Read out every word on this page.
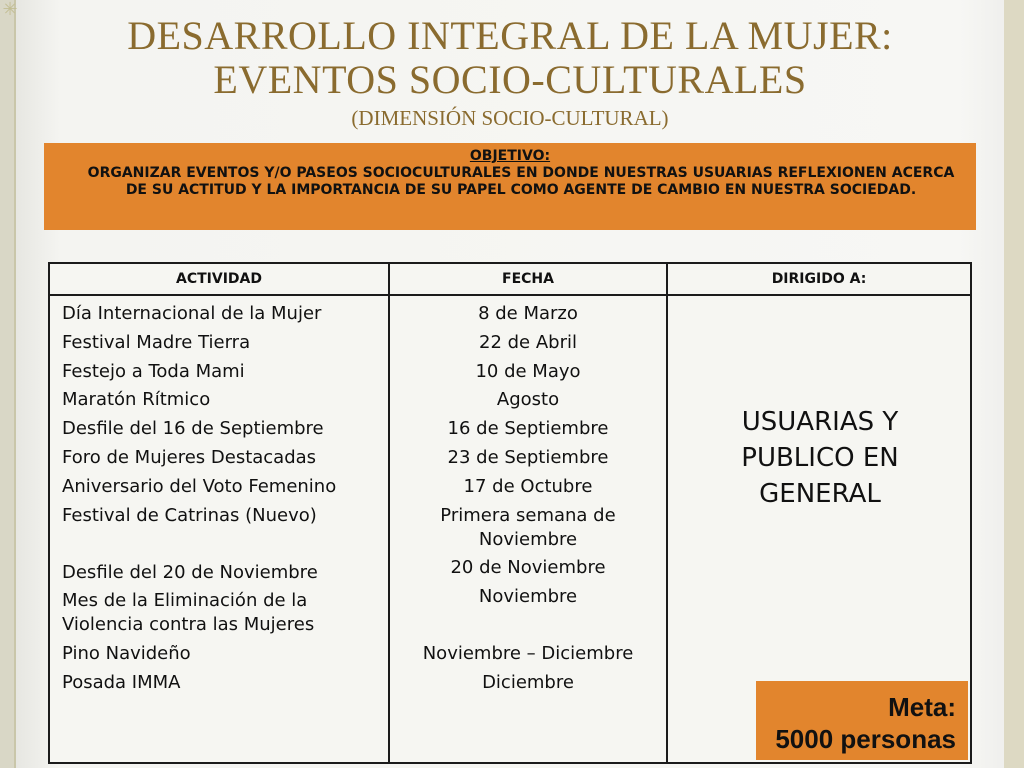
✳
DESARROLLO INTEGRAL DE LA MUJER:
EVENTOS SOCIO-CULTURALES
(DIMENSIÓN SOCIO-CULTURAL)
OBJETIVO:
ORGANIZAR EVENTOS Y/O PASEOS SOCIOCULTURALES EN DONDE NUESTRAS USUARIAS REFLEXIONEN ACERCA DE SU ACTITUD Y LA IMPORTANCIA DE SU PAPEL COMO AGENTE DE CAMBIO EN NUESTRA SOCIEDAD.
ACTIVIDAD	FECHA	DIRIGIDO A:
Día Internacional de la Mujer
Festival Madre Tierra
Festejo a Toda Mami
Maratón Rítmico
Desfile del 16 de Septiembre
Foro de Mujeres Destacadas
Aniversario del Voto Femenino
Festival de Catrinas (Nuevo)
Desfile del 20 de Noviembre
Mes de la Eliminación de la Violencia contra las Mujeres
Pino Navideño
Posada IMMA
8 de Marzo
22 de Abril
10 de Mayo
Agosto
16 de Septiembre
23 de Septiembre
17 de Octubre
Primera semana de Noviembre
20 de Noviembre
Noviembre
Noviembre – Diciembre
Diciembre
USUARIAS Y
PUBLICO EN GENERAL
Meta:
5000 personas
